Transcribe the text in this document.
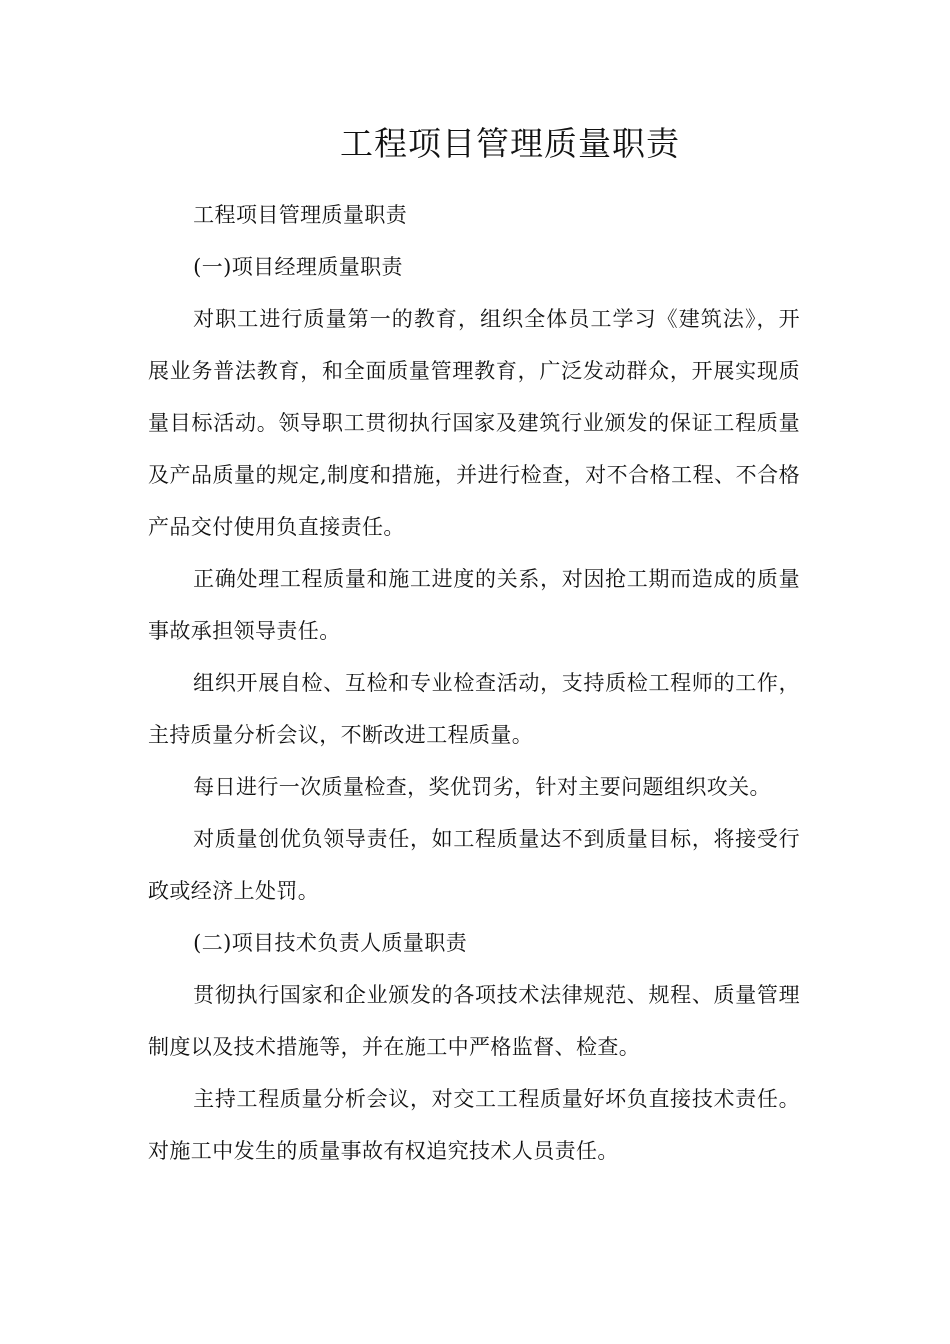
工程项目管理质量职责

工程项目管理质量职责

(一)项目经理质量职责

对职工进行质量第一的教育，组织全体员工学习《建筑法》，开展业务普法教育，和全面质量管理教育，广泛发动群众，开展实现质量目标活动。领导职工贯彻执行国家及建筑行业颁发的保证工程质量及产品质量的规定,制度和措施，并进行检查，对不合格工程、不合格产品交付使用负直接责任。

正确处理工程质量和施工进度的关系，对因抢工期而造成的质量事故承担领导责任。

组织开展自检、互检和专业检查活动，支持质检工程师的工作，主持质量分析会议，不断改进工程质量。

每日进行一次质量检查，奖优罚劣，针对主要问题组织攻关。

对质量创优负领导责任，如工程质量达不到质量目标，将接受行政或经济上处罚。

(二)项目技术负责人质量职责

贯彻执行国家和企业颁发的各项技术法律规范、规程、质量管理制度以及技术措施等，并在施工中严格监督、检查。

主持工程质量分析会议，对交工工程质量好坏负直接技术责任。对施工中发生的质量事故有权追究技术人员责任。
